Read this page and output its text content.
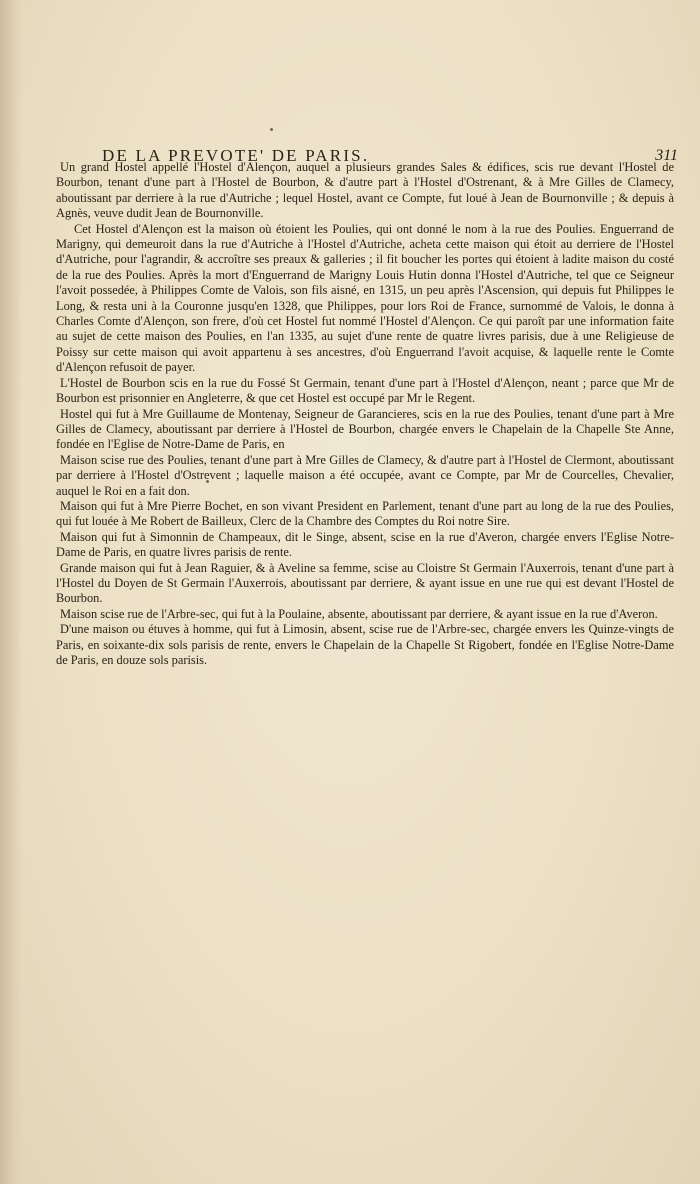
DE LA PREVOTE' DE PARIS.	311

Un grand Hostel appellé l'Hostel d'Alençon, auquel a plusieurs grandes Sales & édifices, scis rue devant l'Hostel de Bourbon, tenant d'une part à l'Hostel de Bourbon, & d'autre part à l'Hostel d'Ostrenant, & à Mre Gilles de Clamecy, aboutissant par derriere à la rue d'Autriche ; lequel Hostel, avant ce Compte, fut loué à Jean de Bournonville ; & depuis à Agnès, veuve dudit Jean de Bournonville.

Cet Hostel d'Alençon est la maison où étoient les Poulies, qui ont donné le nom à la rue des Poulies. Enguerrand de Marigny, qui demeuroit dans la rue d'Autriche à l'Hostel d'Autriche, acheta cette maison qui étoit au derriere de l'Hostel d'Autriche, pour l'agrandir, & accroître ses preaux & galleries ; il fit boucher les portes qui étoient à ladite maison du costé de la rue des Poulies. Après la mort d'Enguerrand de Marigny Louis Hutin donna l'Hostel d'Autriche, tel que ce Seigneur l'avoit possedée, à Philippes Comte de Valois, son fils aisné, en 1315, un peu après l'Ascension, qui depuis fut Philippes le Long, & resta uni à la Couronne jusqu'en 1328, que Philippes, pour lors Roi de France, surnommé de Valois, le donna à Charles Comte d'Alençon, son frere, d'où cet Hostel fut nommé l'Hostel d'Alençon. Ce qui paroît par une information faite au sujet de cette maison des Poulies, en l'an 1335, au sujet d'une rente de quatre livres parisis, due à une Religieuse de Poissy sur cette maison qui avoit appartenu à ses ancestres, d'où Enguerrand l'avoit acquise, & laquelle rente le Comte d'Alençon refusoit de payer.

L'Hostel de Bourbon scis en la rue du Fossé St Germain, tenant d'une part à l'Hostel d'Alençon, neant ; parce que Mr de Bourbon est prisonnier en Angleterre, & que cet Hostel est occupé par Mr le Regent.

Hostel qui fut à Mre Guillaume de Montenay, Seigneur de Garancieres, scis en la rue des Poulies, tenant d'une part à Mre Gilles de Clamecy, aboutissant par derriere à l'Hostel de Bourbon, chargée envers le Chapelain de la Chapelle Ste Anne, fondée en l'Eglise de Notre-Dame de Paris, en

Maison scise rue des Poulies, tenant d'une part à Mre Gilles de Clamecy, & d'autre part à l'Hostel de Clermont, aboutissant par derriere à l'Hostel d'Ostrevent ; laquelle maison a été occupée, avant ce Compte, par Mr de Courcelles, Chevalier, auquel le Roi en a fait don.

Maison qui fut à Mre Pierre Bochet, en son vivant President en Parlement, tenant d'une part au long de la rue des Poulies, qui fut louée à Me Robert de Bailleux, Clerc de la Chambre des Comptes du Roi notre Sire.

Maison qui fut à Simonnin de Champeaux, dit le Singe, absent, scise en la rue d'Averon, chargée envers l'Eglise Notre-Dame de Paris, en quatre livres parisis de rente.

Grande maison qui fut à Jean Raguier, & à Aveline sa femme, scise au Cloistre St Germain l'Auxerrois, tenant d'une part à l'Hostel du Doyen de St Germain l'Auxerrois, aboutissant par derriere, & ayant issue en une rue qui est devant l'Hostel de Bourbon.

Maison scise rue de l'Arbre-sec, qui fut à la Poulaine, absente, aboutissant par derriere, & ayant issue en la rue d'Averon.

D'une maison ou étuves à homme, qui fut à Limosin, absent, scise rue de l'Arbre-sec, chargée envers les Quinze-vingts de Paris, en soixante-dix sols parisis de rente, envers le Chapelain de la Chapelle St Rigobert, fondée en l'Eglise Notre-Dame de Paris, en douze sols parisis.
